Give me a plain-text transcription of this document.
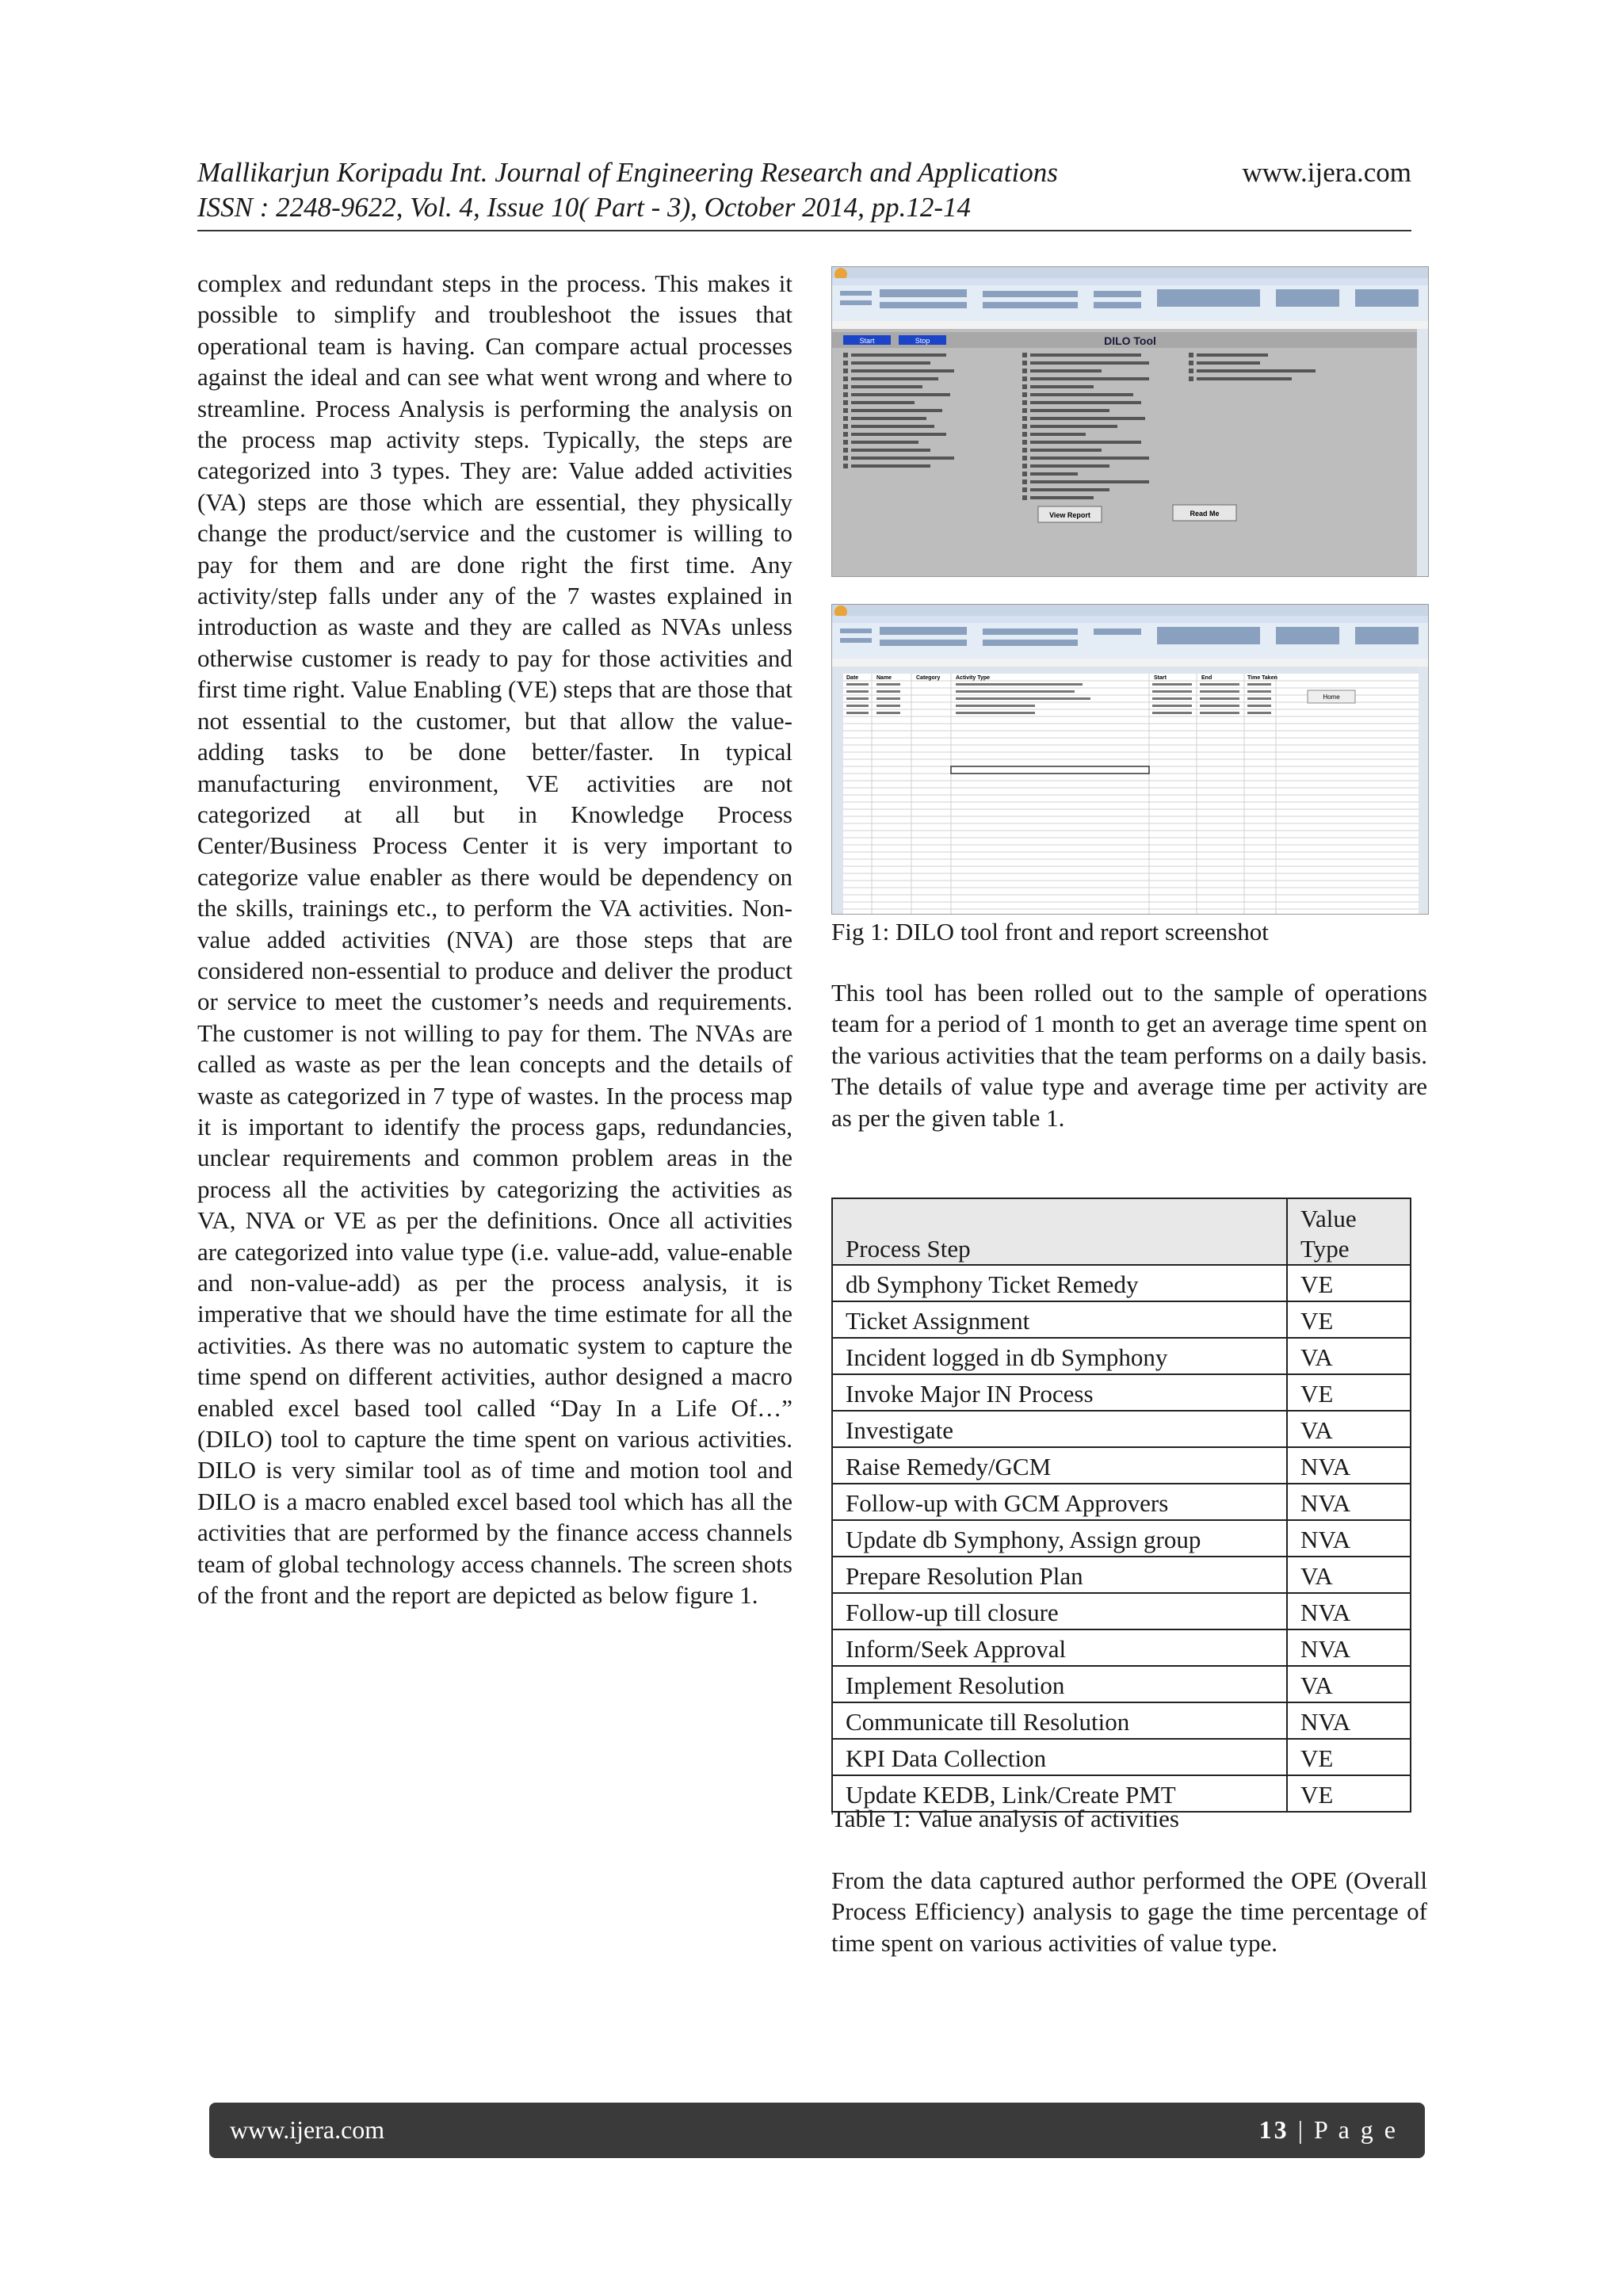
Mallikarjun Koripadu Int. Journal of Engineering Research and Applications
ISSN : 2248-9622, Vol. 4, Issue 10( Part - 3), October 2014, pp.12-14
www.ijera.com
complex and redundant steps in the process. This makes it possible to simplify and troubleshoot the issues that operational team is having. Can compare actual processes against the ideal and can see what went wrong and where to streamline. Process Analysis is performing the analysis on the process map activity steps. Typically, the steps are categorized into 3 types. They are: Value added activities (VA) steps are those which are essential, they physically change the product/service and the customer is willing to pay for them and are done right the first time. Any activity/step falls under any of the 7 wastes explained in introduction as waste and they are called as NVAs unless otherwise customer is ready to pay for those activities and first time right. Value Enabling (VE) steps that are those that not essential to the customer, but that allow the value-adding tasks to be done better/faster. In typical manufacturing environment, VE activities are not categorized at all but in Knowledge Process Center/Business Process Center it is very important to categorize value enabler as there would be dependency on the skills, trainings etc., to perform the VA activities. Non-value added activities (NVA) are those steps that are considered non-essential to produce and deliver the product or service to meet the customer’s needs and requirements. The customer is not willing to pay for them. The NVAs are called as waste as per the lean concepts and the details of waste as categorized in 7 type of wastes. In the process map it is important to identify the process gaps, redundancies, unclear requirements and common problem areas in the process all the activities by categorizing the activities as VA, NVA or VE as per the definitions. Once all activities are categorized into value type (i.e. value-add, value-enable and non-value-add) as per the process analysis, it is imperative that we should have the time estimate for all the activities. As there was no automatic system to capture the time spend on different activities, author designed a macro enabled excel based tool called “Day In a Life Of…” (DILO) tool to capture the time spent on various activities. DILO is very similar tool as of time and motion tool and DILO is a macro enabled excel based tool which has all the activities that are performed by the finance access channels team of global technology access channels. The screen shots of the front and the report are depicted as below figure 1.
DILO Tool
Start	Stop
View Report	Read Me
Date	Name	Category	Activity Type	Start	End	Time Taken
Home
Fig 1: DILO tool front and report screenshot
This tool has been rolled out to the sample of operations team for a period of 1 month to get an average time spent on the various activities that the team performs on a daily basis. The details of value type and average time per activity are as per the given table 1.
Process Step	Value Type
db Symphony Ticket Remedy	VE
Ticket Assignment	VE
Incident logged in db Symphony	VA
Invoke Major IN Process	VE
Investigate	VA
Raise Remedy/GCM	NVA
Follow-up with GCM Approvers	NVA
Update db Symphony, Assign group	NVA
Prepare Resolution Plan	VA
Follow-up till closure	NVA
Inform/Seek Approval	NVA
Implement Resolution	VA
Communicate till Resolution	NVA
KPI Data Collection	VE
Update KEDB, Link/Create PMT	VE
Table 1: Value analysis of activities
From the data captured author performed the OPE (Overall Process Efficiency) analysis to gage the time percentage of time spent on various activities of value type.
www.ijera.com	13 | P a g e
